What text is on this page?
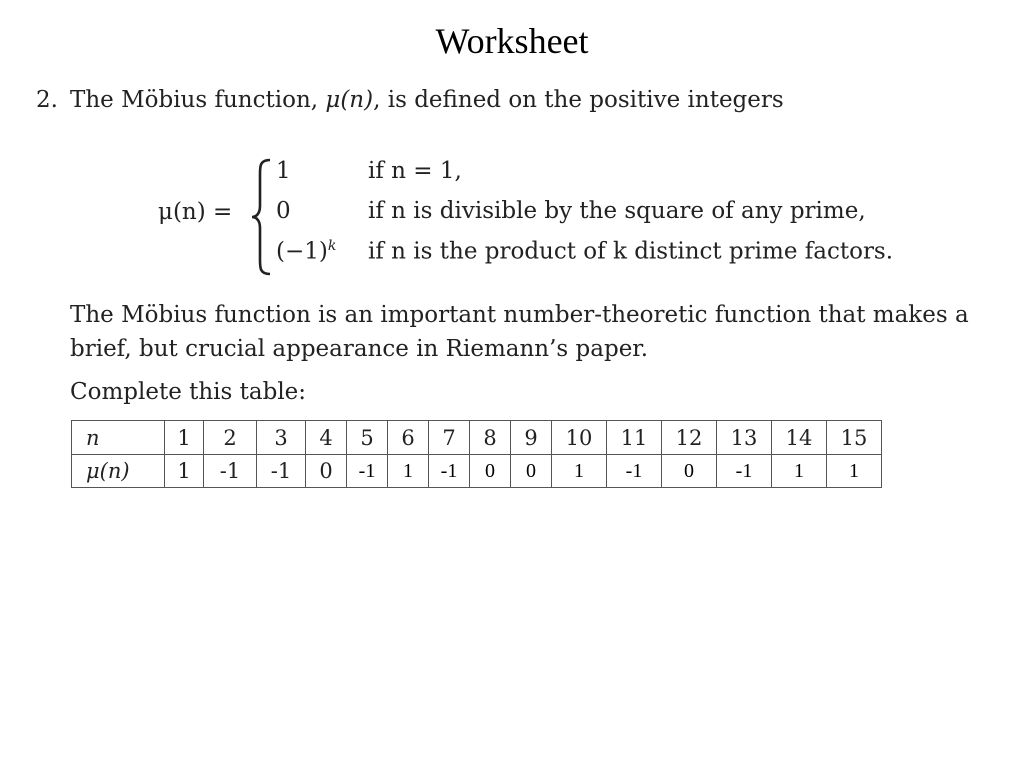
Worksheet
2. The Möbius function, μ(n), is defined on the positive integers
μ(n) =
1	if n = 1,
0	if n is divisible by the square of any prime,
$(-1)^k$ if n is the product of k distinct prime factors.
The Möbius function is an important number-theoretic function that makes a brief, but crucial appearance in Riemann’s paper.
Complete this table:
n	1	2	3	4	5	6	7	8	9	10	11	12	13	14	15
μ(n)	1	-1	-1	0	-1	1	-1	0	0	1	-1	0	-1	1	1
